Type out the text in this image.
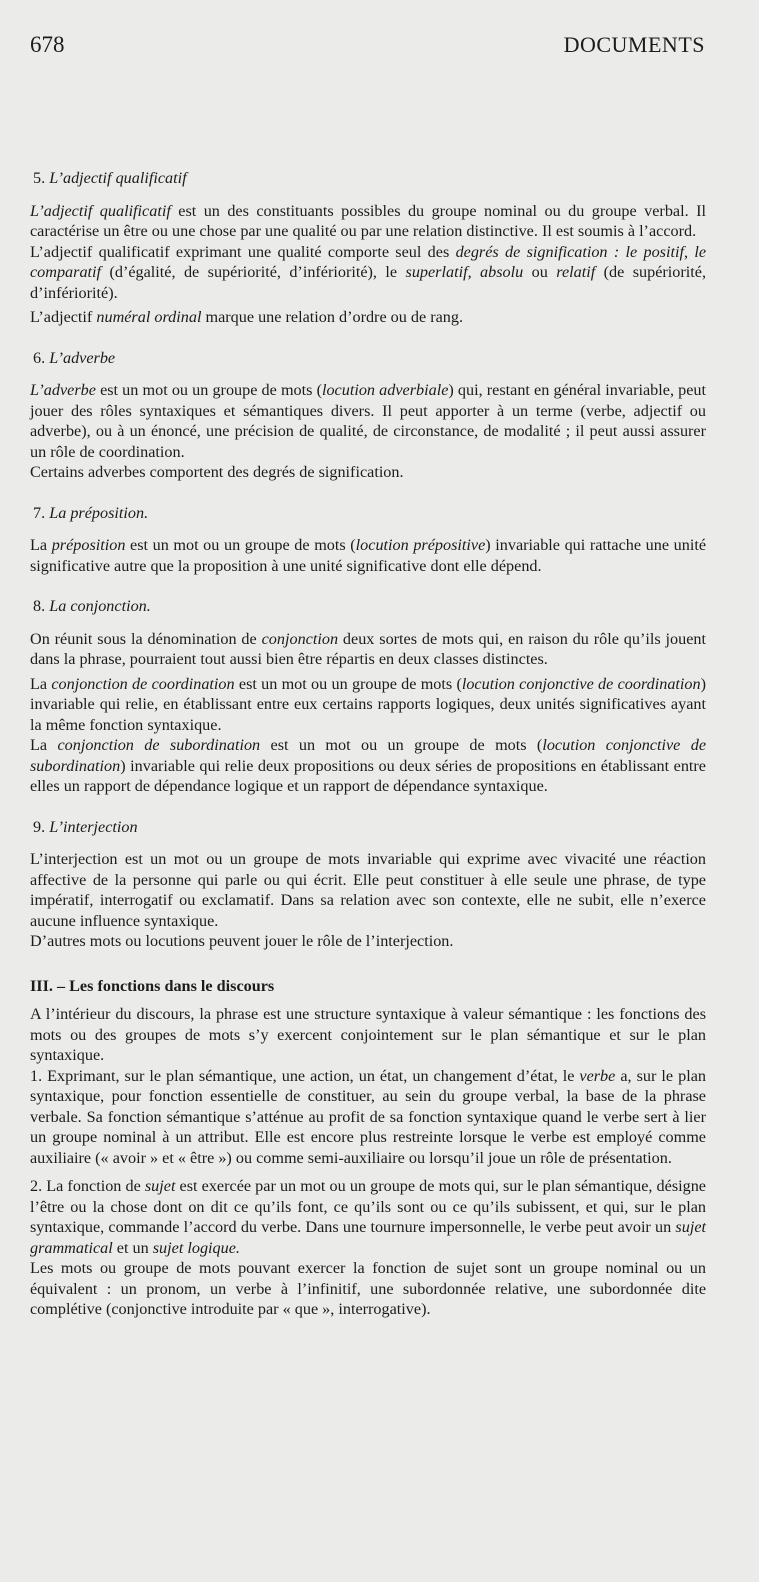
678	DOCUMENTS
5. L’adjectif qualificatif

L’adjectif qualificatif est un des constituants possibles du groupe nominal ou du groupe verbal. Il caractérise un être ou une chose par une qualité ou par une relation distinctive. Il est soumis à l’accord.

L’adjectif qualificatif exprimant une qualité comporte seul des degrés de signification : le positif, le comparatif (d’égalité, de supériorité, d’infériorité), le superlatif, absolu ou relatif (de supériorité, d’infériorité).

L’adjectif numéral ordinal marque une relation d’ordre ou de rang.

6. L’adverbe

L’adverbe est un mot ou un groupe de mots (locution adverbiale) qui, restant en général invariable, peut jouer des rôles syntaxiques et sémantiques divers. Il peut apporter à un terme (verbe, adjectif ou adverbe), ou à un énoncé, une précision de qualité, de circonstance, de modalité ; il peut aussi assurer un rôle de coordination.

Certains adverbes comportent des degrés de signification.

7. La préposition.

La préposition est un mot ou un groupe de mots (locution prépositive) invariable qui rattache une unité significative autre que la proposition à une unité significative dont elle dépend.

8. La conjonction.

On réunit sous la dénomination de conjonction deux sortes de mots qui, en raison du rôle qu’ils jouent dans la phrase, pourraient tout aussi bien être répartis en deux classes distinctes.

La conjonction de coordination est un mot ou un groupe de mots (locution conjonctive de coordination) invariable qui relie, en établissant entre eux certains rapports logiques, deux unités significatives ayant la même fonction syntaxique.

La conjonction de subordination est un mot ou un groupe de mots (locution conjonctive de subordination) invariable qui relie deux propositions ou deux séries de propositions en établissant entre elles un rapport de dépendance logique et un rapport de dépendance syntaxique.

9. L’interjection

L’interjection est un mot ou un groupe de mots invariable qui exprime avec vivacité une réaction affective de la personne qui parle ou qui écrit. Elle peut constituer à elle seule une phrase, de type impératif, interrogatif ou exclamatif. Dans sa relation avec son contexte, elle ne subit, elle n’exerce aucune influence syntaxique.

D’autres mots ou locutions peuvent jouer le rôle de l’interjection.

III. – Les fonctions dans le discours

A l’intérieur du discours, la phrase est une structure syntaxique à valeur sémantique : les fonctions des mots ou des groupes de mots s’y exercent conjointement sur le plan sémantique et sur le plan syntaxique.

1. Exprimant, sur le plan sémantique, une action, un état, un changement d’état, le verbe a, sur le plan syntaxique, pour fonction essentielle de constituer, au sein du groupe verbal, la base de la phrase verbale. Sa fonction sémantique s’atténue au profit de sa fonction syntaxique quand le verbe sert à lier un groupe nominal à un attribut. Elle est encore plus restreinte lorsque le verbe est employé comme auxiliaire (« avoir » et « être ») ou comme semi-auxiliaire ou lorsqu’il joue un rôle de présentation.

2. La fonction de sujet est exercée par un mot ou un groupe de mots qui, sur le plan sémantique, désigne l’être ou la chose dont on dit ce qu’ils font, ce qu’ils sont ou ce qu’ils subissent, et qui, sur le plan syntaxique, commande l’accord du verbe. Dans une tournure impersonnelle, le verbe peut avoir un sujet grammatical et un sujet logique.

Les mots ou groupe de mots pouvant exercer la fonction de sujet sont un groupe nominal ou un équivalent : un pronom, un verbe à l’infinitif, une subordonnée relative, une subordonnée dite complétive (conjonctive introduite par « que », interrogative).
